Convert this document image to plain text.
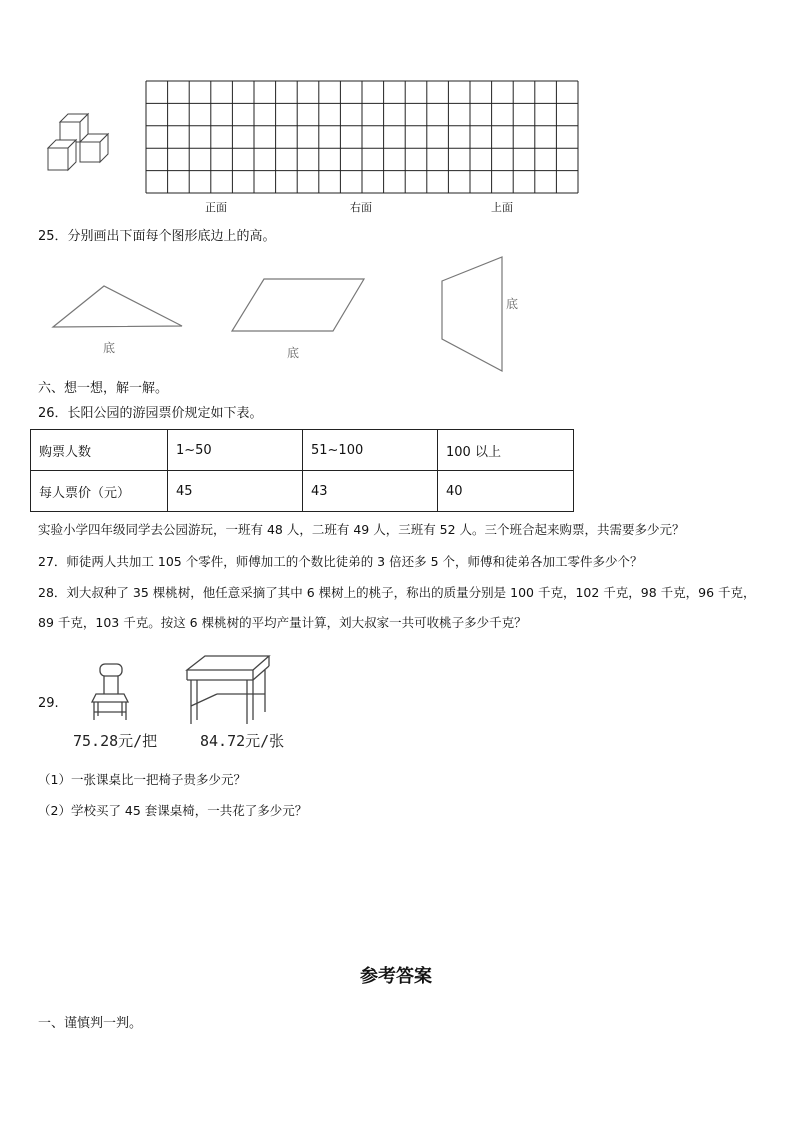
正面	右面	上面
25．分别画出下面每个图形底边上的高。
底	底
底
六、想一想，解一解。
26．长阳公园的游园票价规定如下表。
购票人数	1~50	51~100	100 以上
每人票价（元）	45	43	40
实验小学四年级同学去公园游玩，一班有 48 人，二班有 49 人，三班有 52 人。三个班合起来购票，共需要多少元？
27．师徒两人共加工 105 个零件，师傅加工的个数比徒弟的 3 倍还多 5 个，师傅和徒弟各加工零件多少个？
28．刘大叔种了 35 棵桃树，他任意采摘了其中 6 棵树上的桃子，称出的质量分别是 100 千克，102 千克，98 千克，96 千克，89 千克，103 千克。按这 6 棵桃树的平均产量计算，刘大叔家一共可收桃子多少千克？
29.
75.28元/把	84.72元/张
（1）一张课桌比一把椅子贵多少元？
（2）学校买了 45 套课桌椅，一共花了多少元？
参考答案
一、谨慎判一判。
